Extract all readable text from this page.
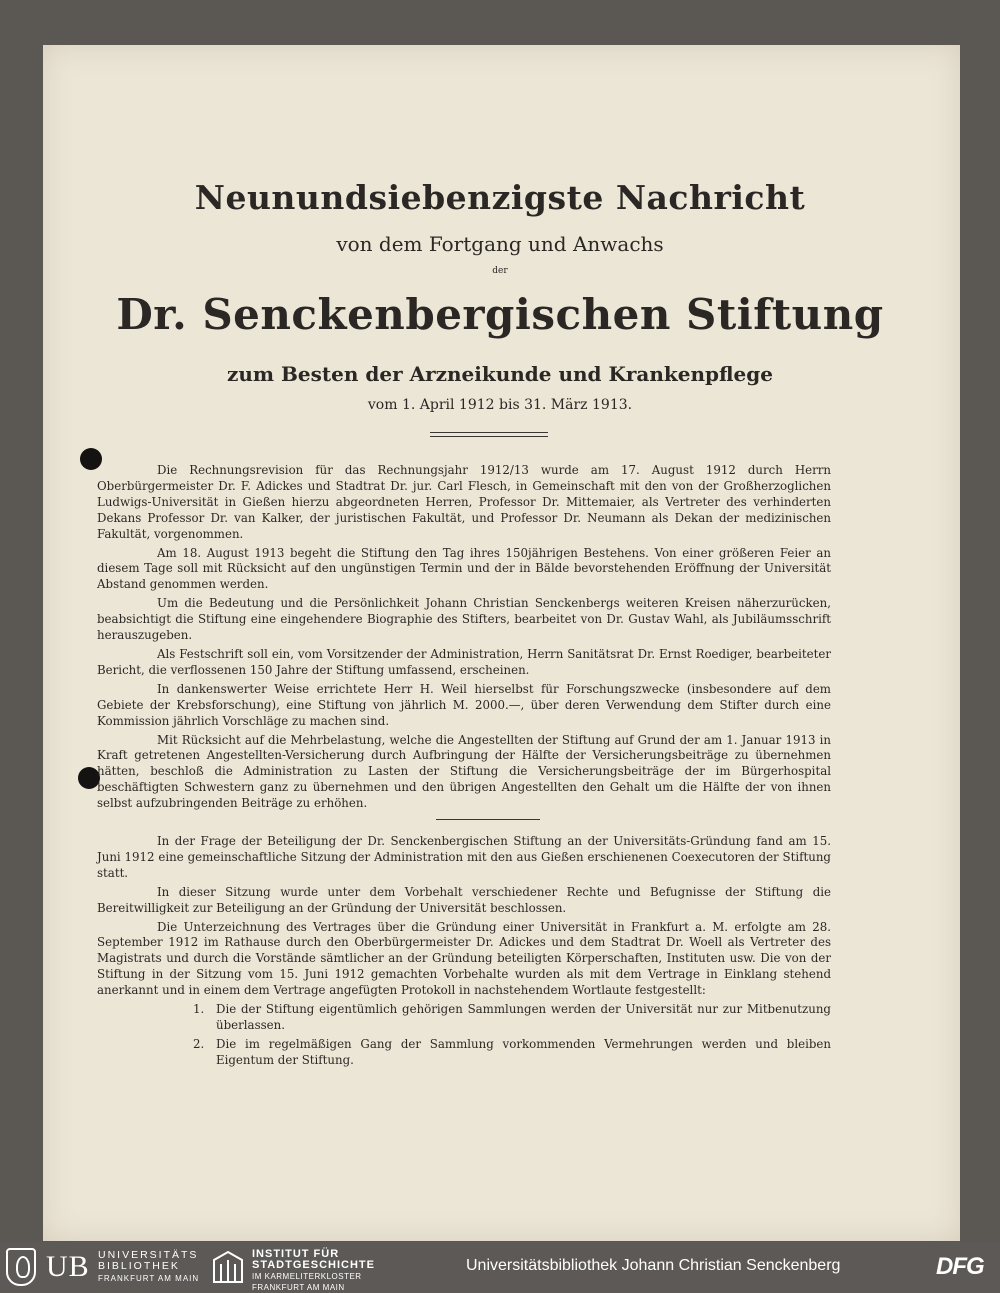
Neunundsiebenzigste Nachricht
von dem Fortgang und Anwachs
der
Dr. Senckenbergischen Stiftung
zum Besten der Arzneikunde und Krankenpflege
vom 1. April 1912 bis 31. März 1913.

Die Rechnungsrevision für das Rechnungsjahr 1912/13 wurde am 17. August 1912 durch Herrn Oberbürgermeister Dr. F. Adickes und Stadtrat Dr. jur. Carl Flesch, in Gemeinschaft mit den von der Großherzoglichen Ludwigs-Universität in Gießen hierzu abgeordneten Herren, Professor Dr. Mittemaier, als Vertreter des verhinderten Dekans Professor Dr. van Kalker, der juristischen Fakultät, und Professor Dr. Neumann als Dekan der medizinischen Fakultät, vorgenommen.

Am 18. August 1913 begeht die Stiftung den Tag ihres 150jährigen Bestehens. Von einer größeren Feier an diesem Tage soll mit Rücksicht auf den ungünstigen Termin und der in Bälde bevorstehenden Eröffnung der Universität Abstand genommen werden.

Um die Bedeutung und die Persönlichkeit Johann Christian Senckenbergs weiteren Kreisen näherzurücken, beabsichtigt die Stiftung eine eingehendere Biographie des Stifters, bearbeitet von Dr. Gustav Wahl, als Jubiläumsschrift herauszugeben.

Als Festschrift soll ein, vom Vorsitzender der Administration, Herrn Sanitätsrat Dr. Ernst Roediger, bearbeiteter Bericht, die verflossenen 150 Jahre der Stiftung umfassend, erscheinen.

In dankenswerter Weise errichtete Herr H. Weil hierselbst für Forschungszwecke (insbesondere auf dem Gebiete der Krebsforschung), eine Stiftung von jährlich M. 2000.—, über deren Verwendung dem Stifter durch eine Kommission jährlich Vorschläge zu machen sind.

Mit Rücksicht auf die Mehrbelastung, welche die Angestellten der Stiftung auf Grund der am 1. Januar 1913 in Kraft getretenen Angestellten-Versicherung durch Aufbringung der Hälfte der Versicherungsbeiträge zu übernehmen hätten, beschloß die Administration zu Lasten der Stiftung die Versicherungsbeiträge der im Bürgerhospital beschäftigten Schwestern ganz zu übernehmen und den übrigen Angestellten den Gehalt um die Hälfte der von ihnen selbst aufzubringenden Beiträge zu erhöhen.

In der Frage der Beteiligung der Dr. Senckenbergischen Stiftung an der Universitäts-Gründung fand am 15. Juni 1912 eine gemeinschaftliche Sitzung der Administration mit den aus Gießen erschienenen Coexecutoren der Stiftung statt.

In dieser Sitzung wurde unter dem Vorbehalt verschiedener Rechte und Befugnisse der Stiftung die Bereitwilligkeit zur Beteiligung an der Gründung der Universität beschlossen.

Die Unterzeichnung des Vertrages über die Gründung einer Universität in Frankfurt a. M. erfolgte am 28. September 1912 im Rathause durch den Oberbürgermeister Dr. Adickes und dem Stadtrat Dr. Woell als Vertreter des Magistrats und durch die Vorstände sämtlicher an der Gründung beteiligten Körperschaften, Instituten usw. Die von der Stiftung in der Sitzung vom 15. Juni 1912 gemachten Vorbehalte wurden als mit dem Vertrage in Einklang stehend anerkannt und in einem dem Vertrage angefügten Protokoll in nachstehendem Wortlaute festgestellt:

1. Die der Stiftung eigentümlich gehörigen Sammlungen werden der Universität nur zur Mitbenutzung überlassen.
2. Die im regelmäßigen Gang der Sammlung vorkommenden Vermehrungen werden und bleiben Eigentum der Stiftung.
UB UNIVERSITÄTS
BIBLIOTHEK
FRANKFURT AM MAIN
INSTITUT FÜR
STADTGESCHICHTE
IM KARMELITERKLOSTER
FRANKFURT AM MAIN
Universitätsbibliothek Johann Christian Senckenberg	DFG
